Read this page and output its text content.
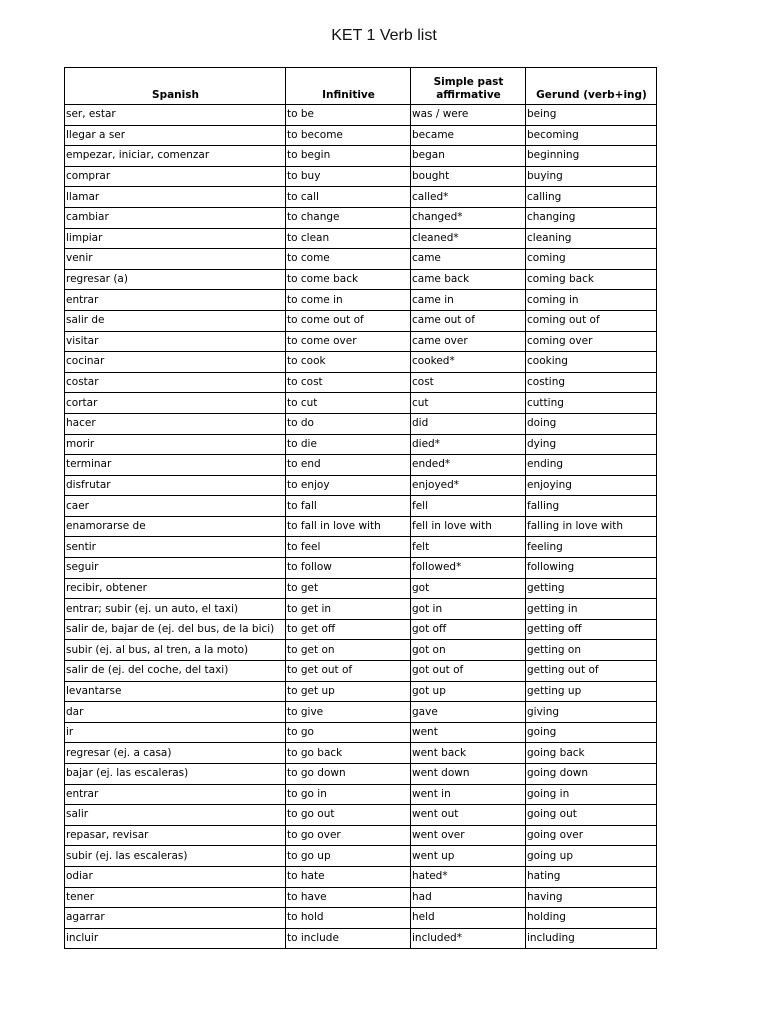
KET 1 Verb list
Spanish	Infinitive	Simple past affirmative	Gerund (verb+ing)
ser, estar	to be	was / were	being
llegar a ser	to become	became	becoming
empezar, iniciar, comenzar	to begin	began	beginning
comprar	to buy	bought	buying
llamar	to call	called*	calling
cambiar	to change	changed*	changing
limpiar	to clean	cleaned*	cleaning
venir	to come	came	coming
regresar (a)	to come back	came back	coming back
entrar	to come in	came in	coming in
salir de	to come out of	came out of	coming out of
visitar	to come over	came over	coming over
cocinar	to cook	cooked*	cooking
costar	to cost	cost	costing
cortar	to cut	cut	cutting
hacer	to do	did	doing
morir	to die	died*	dying
terminar	to end	ended*	ending
disfrutar	to enjoy	enjoyed*	enjoying
caer	to fall	fell	falling
enamorarse de	to fall in love with	fell in love with	falling in love with
sentir	to feel	felt	feeling
seguir	to follow	followed*	following
recibir, obtener	to get	got	getting
entrar; subir (ej. un auto, el taxi)	to get in	got in	getting in
salir de, bajar de (ej. del bus, de la bici)	to get off	got off	getting off
subir (ej. al bus, al tren, a la moto)	to get on	got on	getting on
salir de (ej. del coche, del taxi)	to get out of	got out of	getting out of
levantarse	to get up	got up	getting up
dar	to give	gave	giving
ir	to go	went	going
regresar (ej. a casa)	to go back	went back	going back
bajar (ej. las escaleras)	to go down	went down	going down
entrar	to go in	went in	going in
salir	to go out	went out	going out
repasar, revisar	to go over	went over	going over
subir (ej. las escaleras)	to go up	went up	going up
odiar	to hate	hated*	hating
tener	to have	had	having
agarrar	to hold	held	holding
incluir	to include	included*	including
